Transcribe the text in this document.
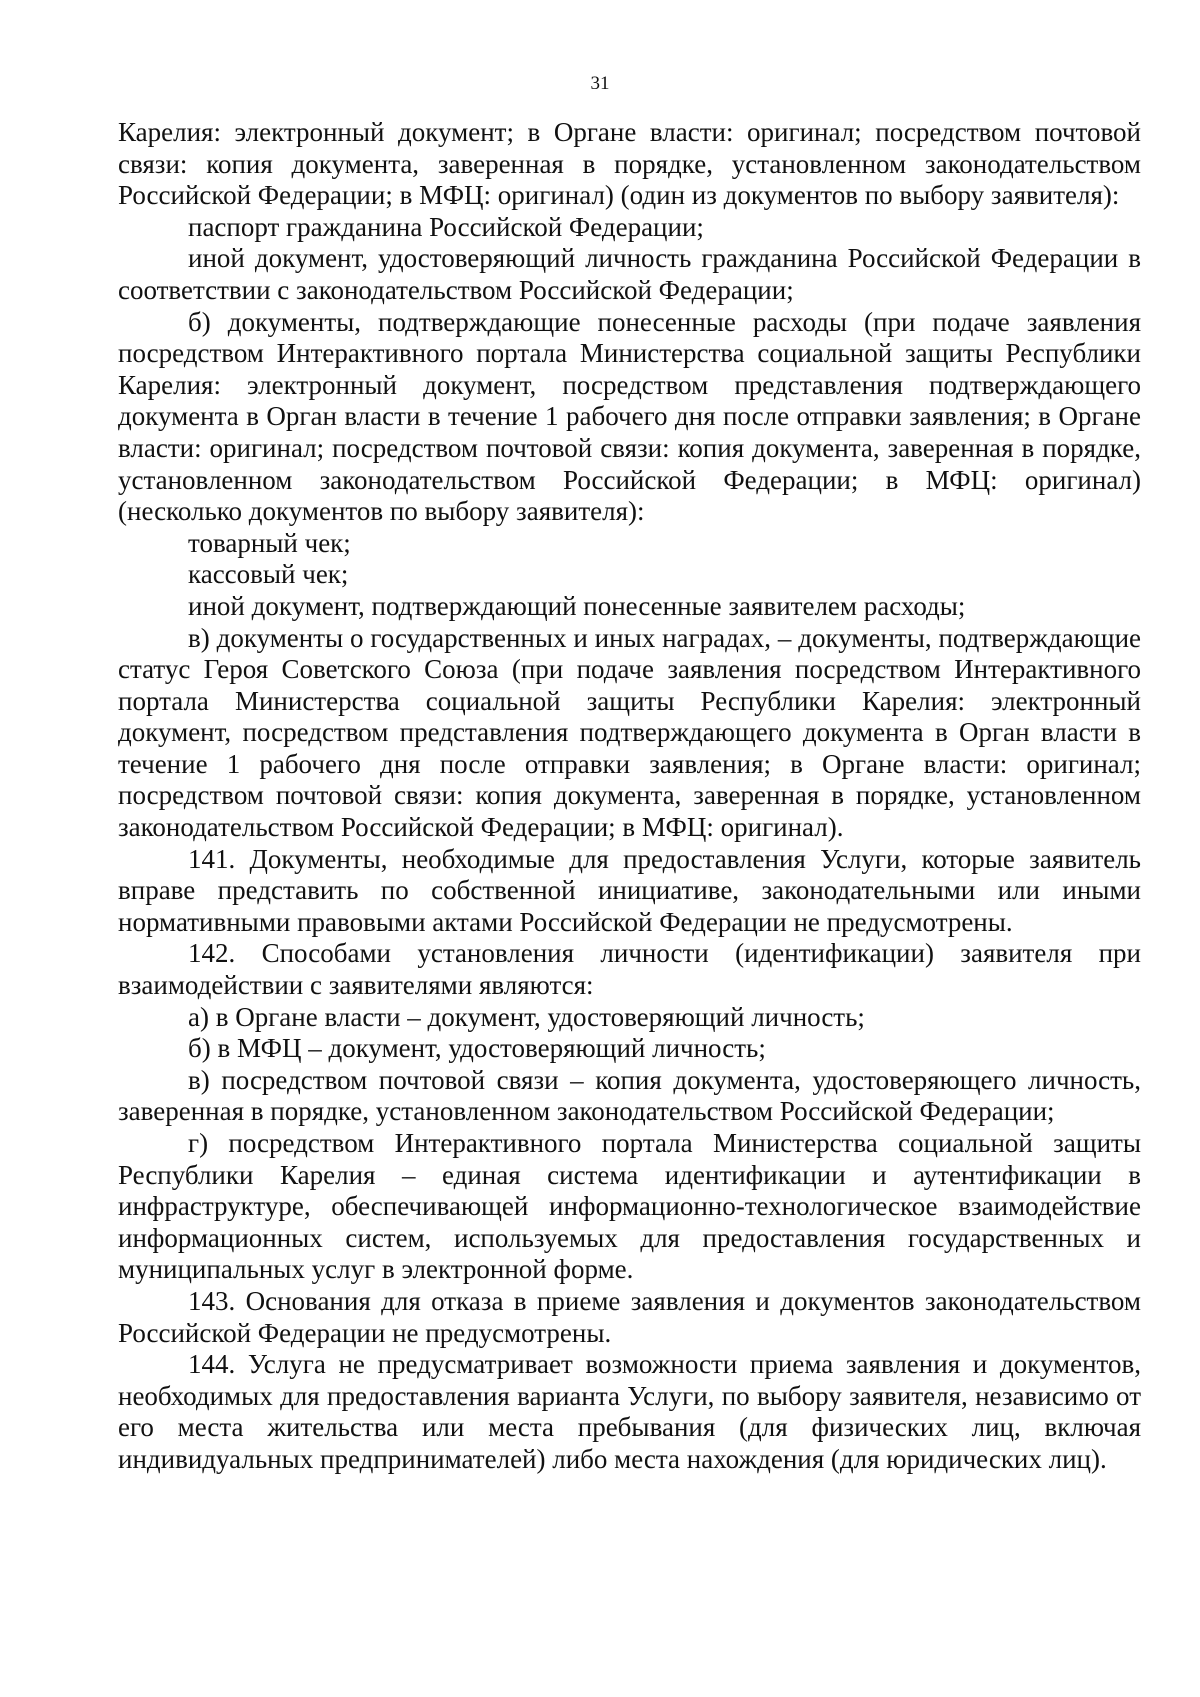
31

Карелия: электронный документ; в Органе власти: оригинал; посредством почтовой связи: копия документа, заверенная в порядке, установленном законодательством Российской Федерации; в МФЦ: оригинал) (один из документов по выбору заявителя):

паспорт гражданина Российской Федерации;

иной документ, удостоверяющий личность гражданина Российской Федерации в соответствии с законодательством Российской Федерации;

б) документы, подтверждающие понесенные расходы (при подаче заявления посредством Интерактивного портала Министерства социальной защиты Республики Карелия: электронный документ, посредством представления подтверждающего документа в Орган власти в течение 1 рабочего дня после отправки заявления; в Органе власти: оригинал; посредством почтовой связи: копия документа, заверенная в порядке, установленном законодательством Российской Федерации; в МФЦ: оригинал) (несколько документов по выбору заявителя):

товарный чек;

кассовый чек;

иной документ, подтверждающий понесенные заявителем расходы;

в) документы о государственных и иных наградах, – документы, подтверждающие статус Героя Советского Союза (при подаче заявления посредством Интерактивного портала Министерства социальной защиты Республики Карелия: электронный документ, посредством представления подтверждающего документа в Орган власти в течение 1 рабочего дня после отправки заявления; в Органе власти: оригинал; посредством почтовой связи: копия документа, заверенная в порядке, установленном законодательством Российской Федерации; в МФЦ: оригинал).

141. Документы, необходимые для предоставления Услуги, которые заявитель вправе представить по собственной инициативе, законодательными или иными нормативными правовыми актами Российской Федерации не предусмотрены.

142. Способами установления личности (идентификации) заявителя при взаимодействии с заявителями являются:

а) в Органе власти – документ, удостоверяющий личность;

б) в МФЦ – документ, удостоверяющий личность;

в) посредством почтовой связи – копия документа, удостоверяющего личность, заверенная в порядке, установленном законодательством Российской Федерации;

г) посредством Интерактивного портала Министерства социальной защиты Республики Карелия – единая система идентификации и аутентификации в инфраструктуре, обеспечивающей информационно-технологическое взаимодействие информационных систем, используемых для предоставления государственных и муниципальных услуг в электронной форме.

143. Основания для отказа в приеме заявления и документов законодательством Российской Федерации не предусмотрены.

144. Услуга не предусматривает возможности приема заявления и документов, необходимых для предоставления варианта Услуги, по выбору заявителя, независимо от его места жительства или места пребывания (для физических лиц, включая индивидуальных предпринимателей) либо места нахождения (для юридических лиц).
